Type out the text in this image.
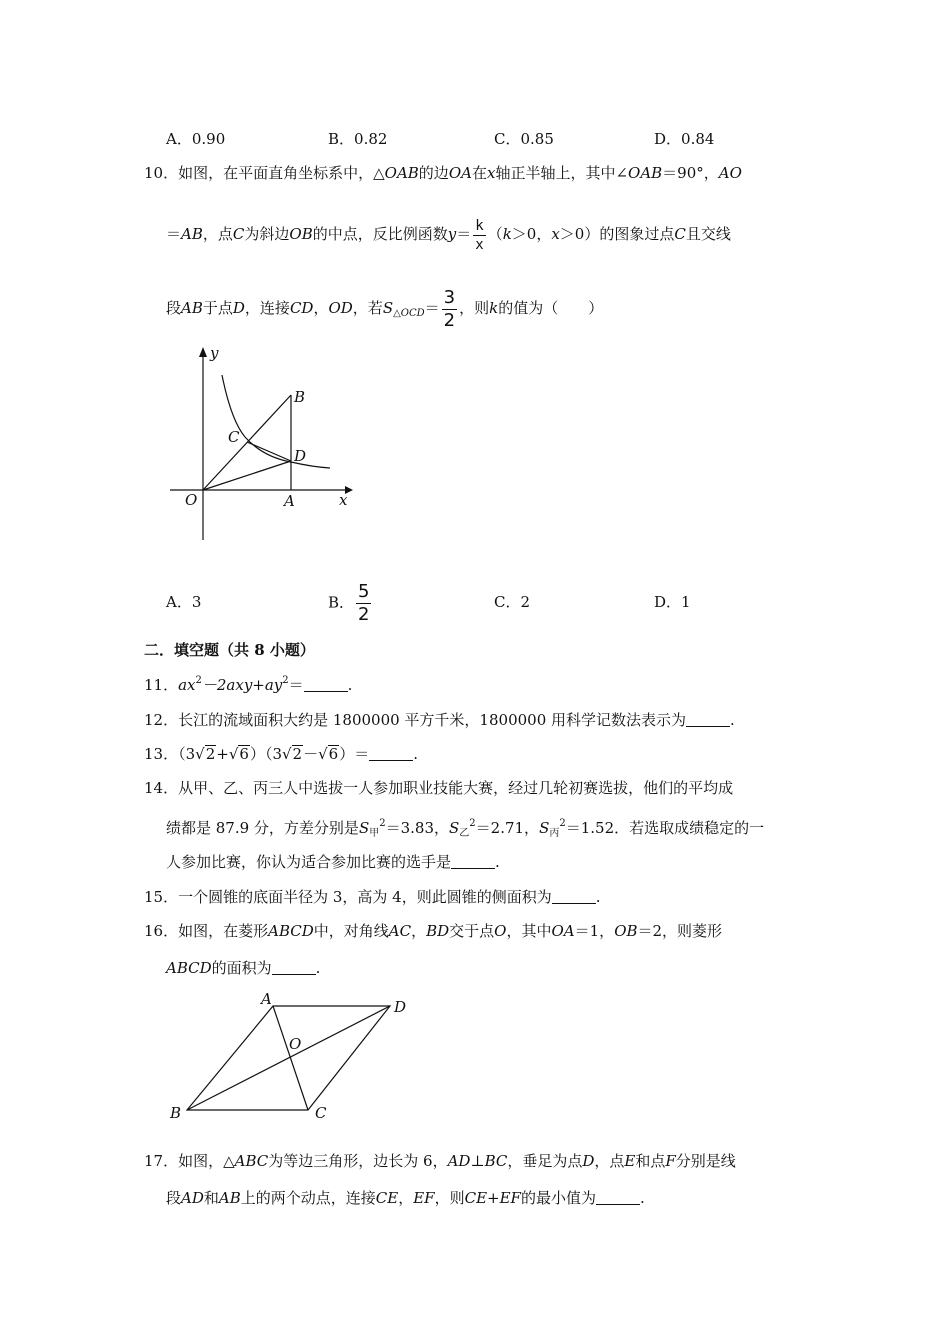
A．0.90	B．0.82	C．0.85	D．0.84
10．如图，在平面直角坐标系中，△OAB的边OA在x轴正半轴上，其中∠OAB＝90°，AO
＝AB，点C为斜边OB的中点，反比例函数$y= \frac{k}{x} (k>0$，x＞0）的图象过点C且交线
段AB于点D，连接CD，OD，若$S_{\triangle OCD}= \frac{3}{2}$ ，则k的值为（　　）
y
x
O	A
B
C
D
A．3	B． $\frac{5}{2}$	C．2	D．1
二．填空题（共 8 小题）
11．$ax^2-2axy+ay^2=$	.
12．长江的流域面积大约是 1800000 平方千米，1800000 用科学记数法表示为	.
13．（3√2+√6）（3√2－√6）＝	.
14．从甲、乙、丙三人中选拔一人参加职业技能大赛，经过几轮初赛选拔，他们的平均成
绩都是 87.9 分，方差分别是$S_甲^2=3.83$，$S_乙^2=2.71$，$S_丙^2=1.52$．若选取成绩稳定的一
人参加比赛，你认为适合参加比赛的选手是	.
15．一个圆锥的底面半径为 3，高为 4，则此圆锥的侧面积为	.
16．如图，在菱形ABCD中，对角线AC，BD交于点O，其中OA＝1，OB＝2，则菱形
ABCD的面积为	.
A	D
O
B	C
17．如图，△ABC为等边三角形，边长为 6，AD⊥BC，垂足为点D，点E和点F分别是线
段AD和AB上的两个动点，连接CE，EF，则CE+EF的最小值为	.
